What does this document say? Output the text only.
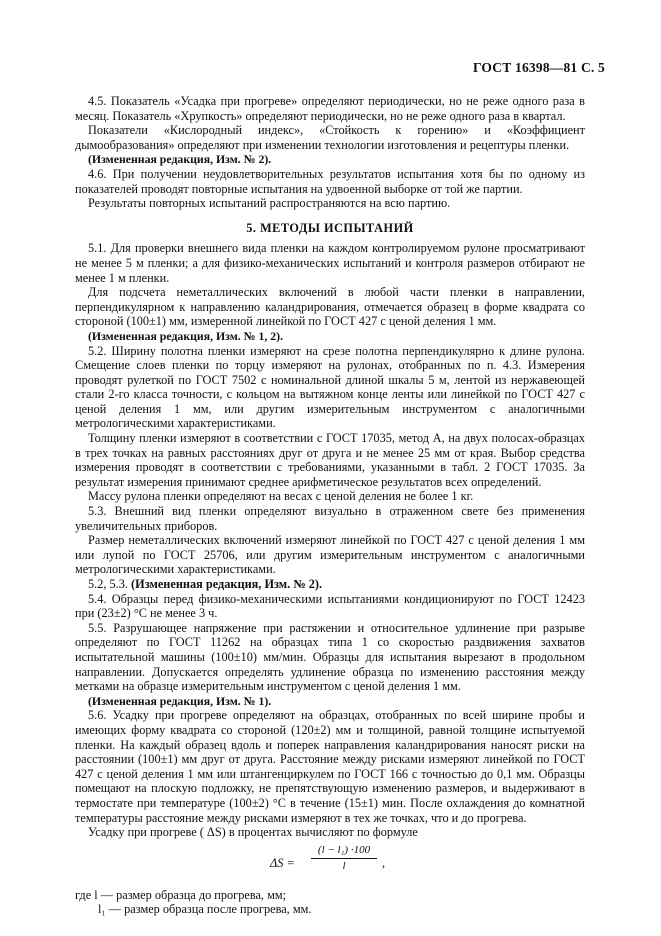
ГОСТ 16398—81 С. 5

4.5. Показатель «Усадка при прогреве» определяют периодически, но не реже одного раза в месяц. Показатель «Хрупкость» определяют периодически, но не реже одного раза в квартал.

Показатели «Кислородный индекс», «Стойкость к горению» и «Коэффициент дымообразования» определяют при изменении технологии изготовления и рецептуры пленки.

(Измененная редакция, Изм. № 2).

4.6. При получении неудовлетворительных результатов испытания хотя бы по одному из показателей проводят повторные испытания на удвоенной выборке от той же партии.

Результаты повторных испытаний распространяются на всю партию.

5. МЕТОДЫ ИСПЫТАНИЙ

5.1. Для проверки внешнего вида пленки на каждом контролируемом рулоне просматривают не менее 5 м пленки; а для физико-механических испытаний и контроля размеров отбирают не менее 1 м пленки.

Для подсчета неметаллических включений в любой части пленки в направлении, перпендикулярном к направлению каландрирования, отмечается образец в форме квадрата со стороной (100±1) мм, измеренной линейкой по ГОСТ 427 с ценой деления 1 мм.

(Измененная редакция, Изм. № 1, 2).

5.2. Ширину полотна пленки измеряют на срезе полотна перпендикулярно к длине рулона. Смещение слоев пленки по торцу измеряют на рулонах, отобранных по п. 4.3. Измерения проводят рулеткой по ГОСТ 7502 с номинальной длиной шкалы 5 м, лентой из нержавеющей стали 2-го класса точности, с кольцом на вытяжном конце ленты или линейкой по ГОСТ 427 с ценой деления 1 мм, или другим измерительным инструментом с аналогичными метрологическими характеристиками.

Толщину пленки измеряют в соответствии с ГОСТ 17035, метод А, на двух полосах-образцах в трех точках на равных расстояниях друг от друга и не менее 25 мм от края. Выбор средства измерения проводят в соответствии с требованиями, указанными в табл. 2 ГОСТ 17035. За результат измерения принимают среднее арифметическое результатов всех определений.

Массу рулона пленки определяют на весах с ценой деления не более 1 кг.

5.3. Внешний вид пленки определяют визуально в отраженном свете без применения увеличительных приборов.

Размер неметаллических включений измеряют линейкой по ГОСТ 427 с ценой деления 1 мм или лупой по ГОСТ 25706, или другим измерительным инструментом с аналогичными метрологическими характеристиками.

5.2, 5.3. (Измененная редакция, Изм. № 2).

5.4. Образцы перед физико-механическими испытаниями кондиционируют по ГОСТ 12423 при (23±2) °С не менее 3 ч.

5.5. Разрушающее напряжение при растяжении и относительное удлинение при разрыве определяют по ГОСТ 11262 на образцах типа 1 со скоростью раздвижения захватов испытательной машины (100±10) мм/мин. Образцы для испытания вырезают в продольном направлении. Допускается определять удлинение образца по изменению расстояния между метками на образце измерительным инструментом с ценой деления 1 мм.

(Измененная редакция, Изм. № 1).

5.6. Усадку при прогреве определяют на образцах, отобранных по всей ширине пробы и имеющих форму квадрата со стороной (120±2) мм и толщиной, равной толщине испытуемой пленки. На каждый образец вдоль и поперек направления каландрирования наносят риски на расстоянии (100±1) мм друг от друга. Расстояние между рисками измеряют линейкой по ГОСТ 427 с ценой деления 1 мм или штангенциркулем по ГОСТ 166 с точностью до 0,1 мм. Образцы помещают на плоскую подложку, не препятствующую изменению размеров, и выдерживают в термостате при температуре (100±2) °С в течение (15±1) мин. После охлаждения до комнатной температуры расстояние между рисками измеряют в тех же точках, что и до прогрева.

Усадку при прогреве ( ΔS) в процентах вычисляют по формуле

$\Delta S = \frac{\text{(l − l₁) ·100}}{l}$ ,

где l — размер образца до прогрева, мм;

l₁ — размер образца после прогрева, мм.
